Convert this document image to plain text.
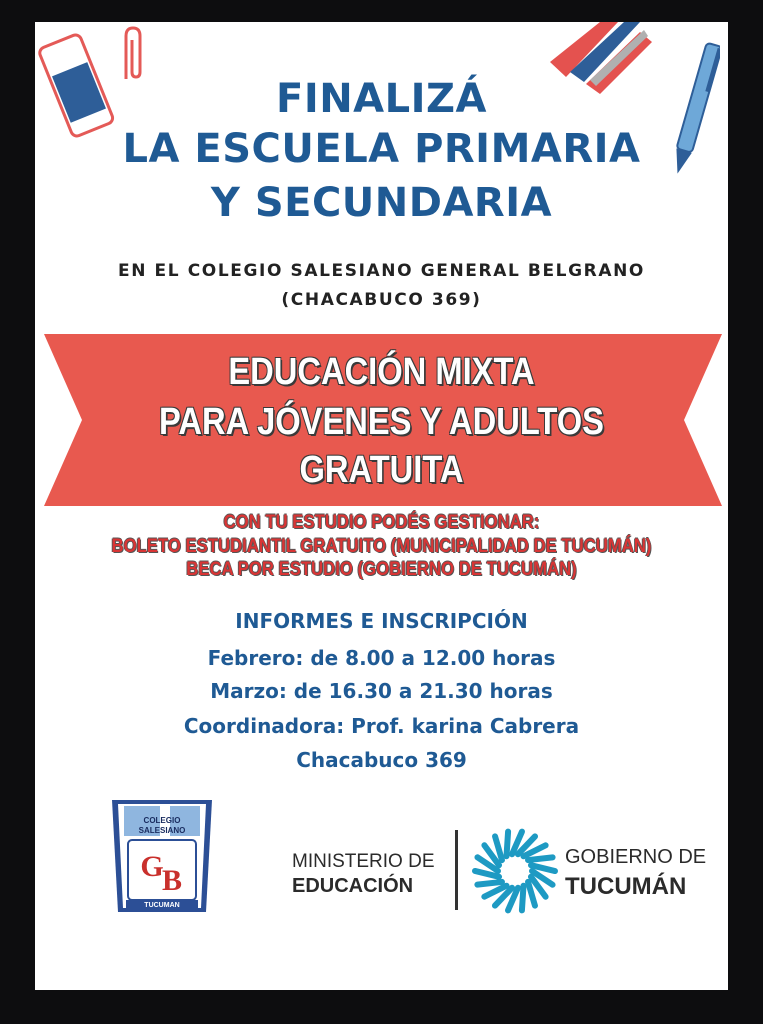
FINALIZÁ
LA ESCUELA PRIMARIA
Y SECUNDARIA
EN EL COLEGIO SALESIANO GENERAL BELGRANO
(CHACABUCO 369)
EDUCACIÓN MIXTA
PARA JÓVENES Y ADULTOS
GRATUITA
CON TU ESTUDIO PODÉS GESTIONAR:
BOLETO ESTUDIANTIL GRATUITO (MUNICIPALIDAD DE TUCUMÁN)
BECA POR ESTUDIO (GOBIERNO DE TUCUMÁN)
INFORMES E INSCRIPCIÓN
Febrero: de 8.00 a 12.00 horas
Marzo: de 16.30 a 21.30 horas
Coordinadora: Prof. karina Cabrera
Chacabuco 369
COLEGIO
SALESIANO
G
B
TUCUMAN
MINISTERIO DE
EDUCACIÓN
GOBIERNO DE
TUCUMÁN
